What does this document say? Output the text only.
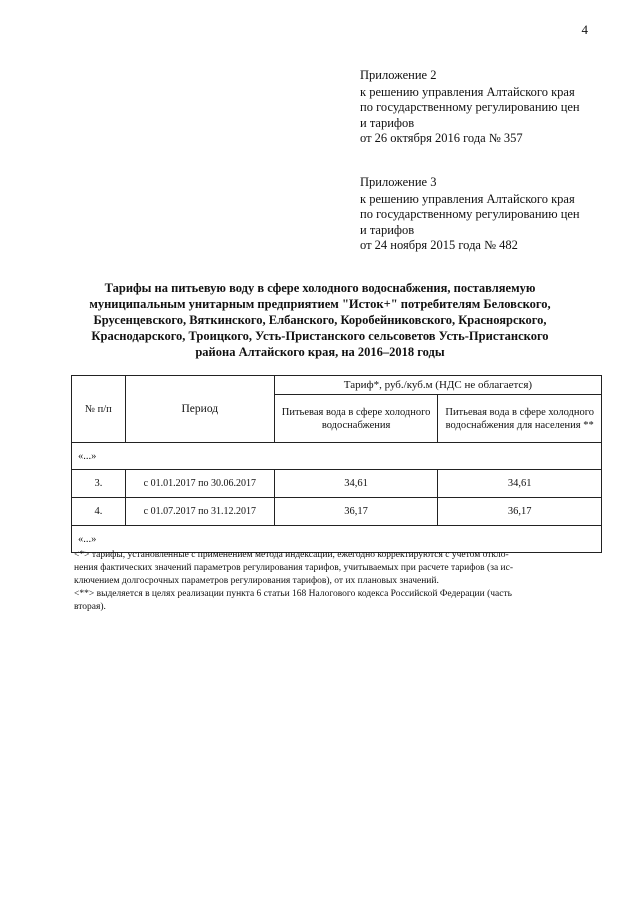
4
Приложение 2
к решению управления Алтайского края
по государственному регулированию цен
и тарифов
от 26 октября 2016 года № 357
Приложение 3
к решению управления Алтайского края
по государственному регулированию цен
и тарифов
от 24 ноября 2015 года № 482
Тарифы на питьевую воду в сфере холодного водоснабжения, поставляемую
муниципальным унитарным предприятием "Исток+" потребителям Беловского,
Брусенцевского, Вяткинского, Елбанского, Коробейниковского, Красноярского,
Краснодарского, Троицкого, Усть-Пристанского сельсоветов Усть-Пристанского
района Алтайского края, на 2016–2018 годы
№ п/п	Период	Тариф*, руб./куб.м (НДС не облагается)	
		Питьевая вода в сфере холодного водоснабжения	Питьевая вода в сфере холодного водоснабжения для населения **
«...»			
3.	с 01.01.2017 по 30.06.2017	34,61	34,61
4.	с 01.07.2017 по 31.12.2017	36,17	36,17
«...»			
<*> тарифы, установленные с применением метода индексации, ежегодно корректируются с учетом откло-
нения фактических значений параметров регулирования тарифов, учитываемых при расчете тарифов (за ис-
ключением долгосрочных параметров регулирования тарифов), от их плановых значений.
<**> выделяется в целях реализации пункта 6 статьи 168 Налогового кодекса Российской Федерации (часть
вторая).
